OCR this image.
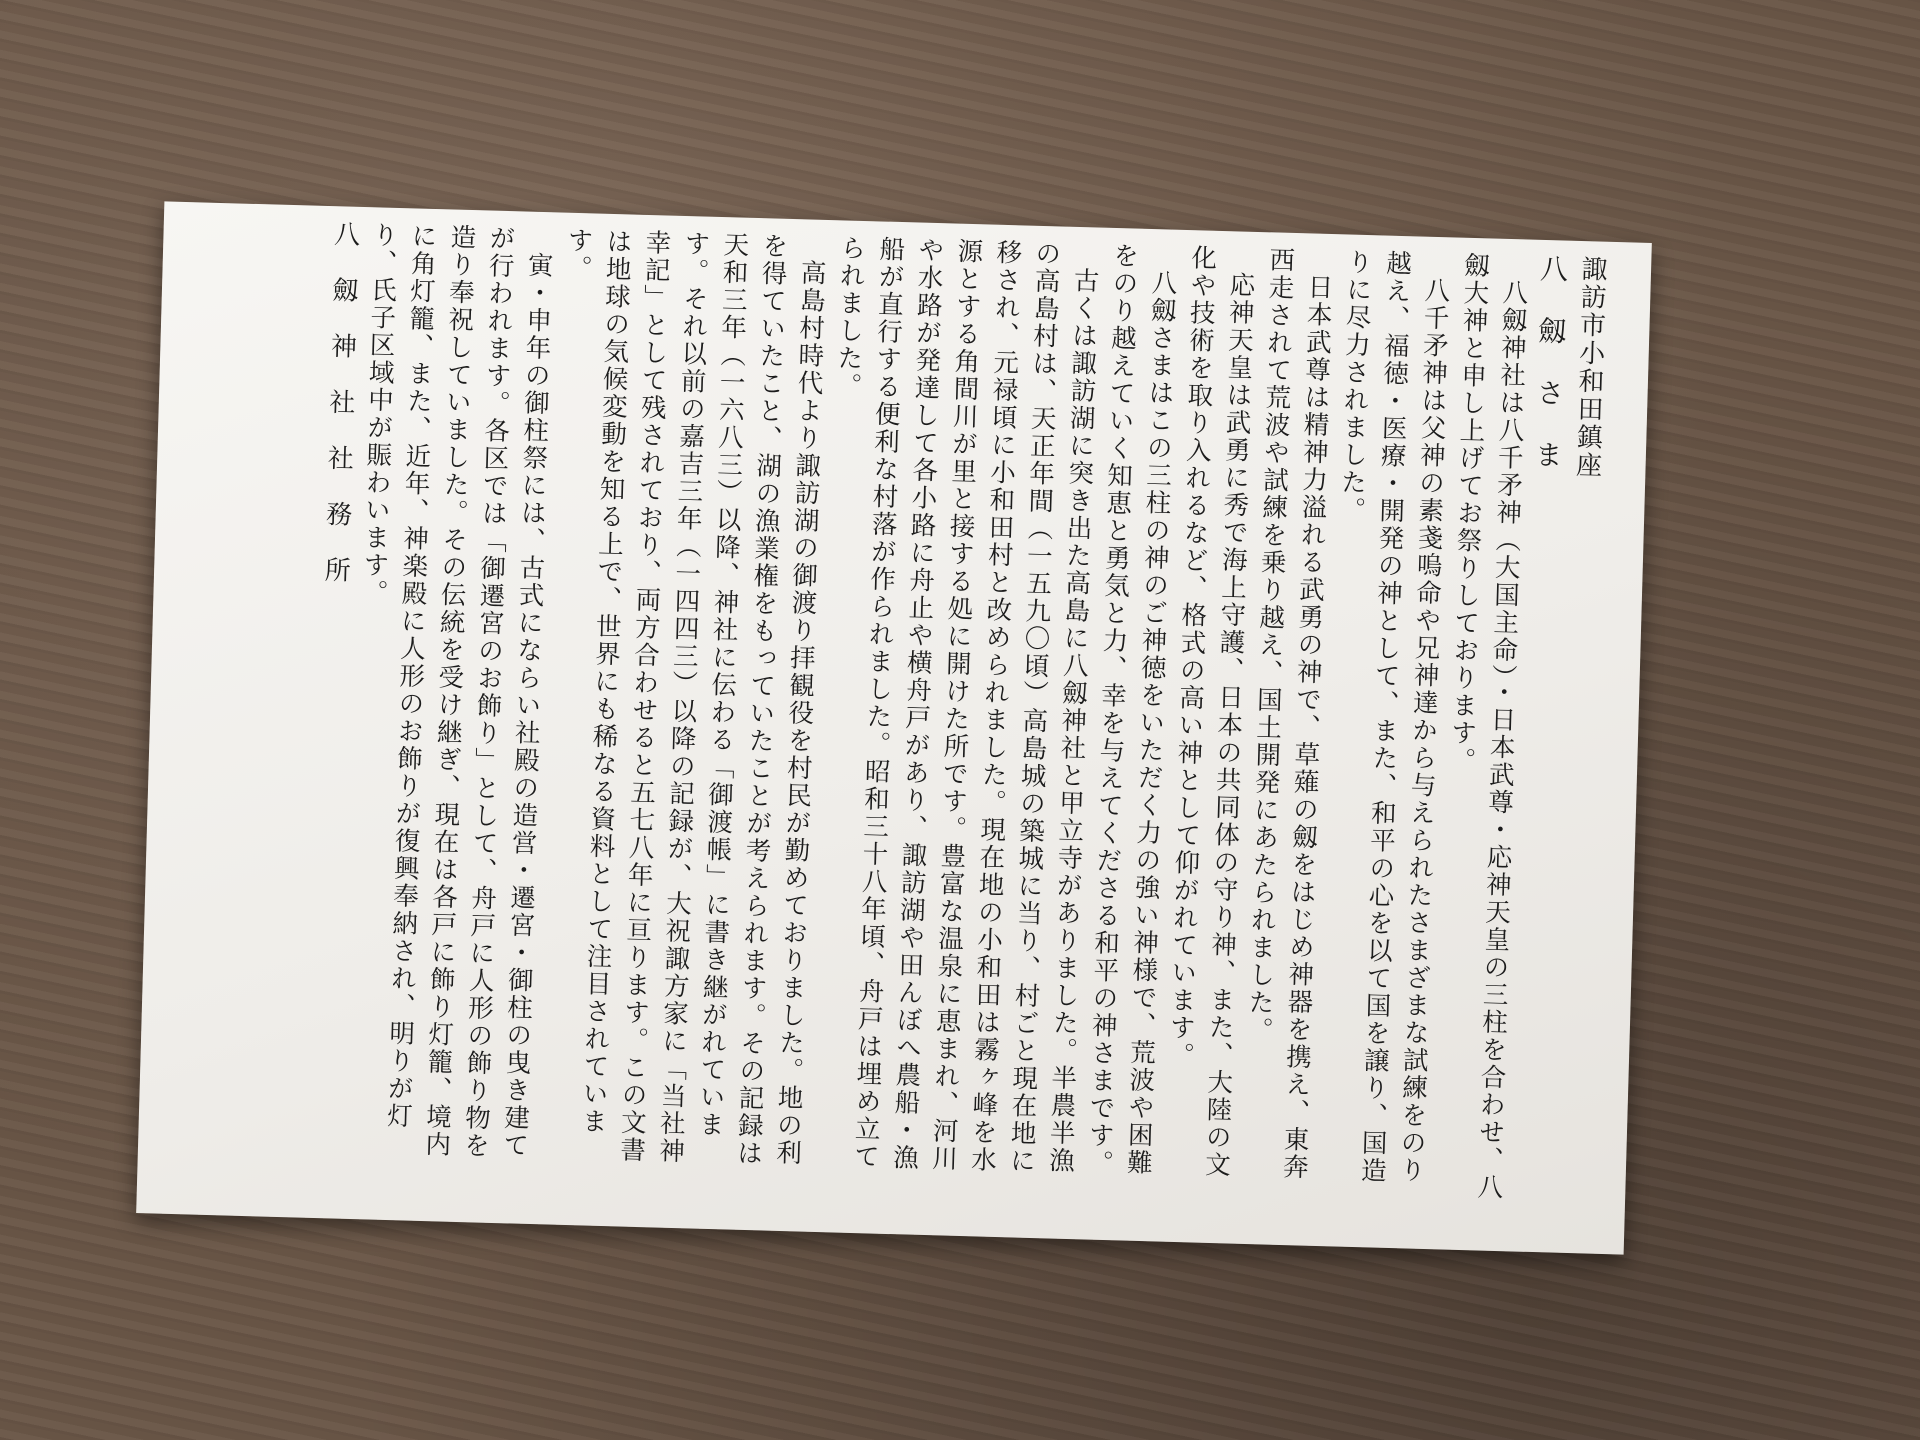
諏訪市小和田鎮座

八劔さま

八劔神社は八千矛神（大国主命）・日本武尊・応神天皇の三柱を合わせ、八劔大神と申し上げてお祭りしております。

八千矛神は父神の素戔嗚命や兄神達から与えられたさまざまな試練をのり越え、福徳・医療・開発の神として、また、和平の心を以て国を譲り、国造りに尽力されました。

日本武尊は精神力溢れる武勇の神で、草薙の劔をはじめ神器を携え、東奔西走されて荒波や試練を乗り越え、国土開発にあたられました。

応神天皇は武勇に秀で海上守護、日本の共同体の守り神、また、大陸の文化や技術を取り入れるなど、格式の高い神として仰がれています。

八劔さまはこの三柱の神のご神徳をいただく力の強い神様で、荒波や困難をのり越えていく知恵と勇気と力、幸を与えてくださる和平の神さまです。

古くは諏訪湖に突き出た高島に八劔神社と甲立寺がありました。半農半漁の高島村は、天正年間（一五九〇頃）高島城の築城に当り、村ごと現在地に移され、元禄頃に小和田村と改められました。現在地の小和田は霧ヶ峰を水源とする角間川が里と接する処に開けた所です。豊富な温泉に恵まれ、河川や水路が発達して各小路に舟止や横舟戸があり、諏訪湖や田んぼへ農船・漁船が直行する便利な村落が作られました。昭和三十八年頃、舟戸は埋め立てられました。

高島村時代より諏訪湖の御渡り拝観役を村民が勤めておりました。地の利を得ていたこと、湖の漁業権をもっていたことが考えられます。その記録は天和三年（一六八三）以降、神社に伝わる「御渡帳」に書き継がれています。それ以前の嘉吉三年（一四四三）以降の記録が、大祝諏方家に「当社神幸記」として残されており、両方合わせると五七八年に亘ります。この文書は地球の気候変動を知る上で、世界にも稀なる資料として注目されています。

寅・申年の御柱祭には、古式にならい社殿の造営・遷宮・御柱の曳き建てが行われます。各区では「御遷宮のお飾り」として、舟戸に人形の飾り物を造り奉祝していました。その伝統を受け継ぎ、現在は各戸に飾り灯籠、境内に角灯籠、また、近年、神楽殿に人形のお飾りが復興奉納され、明りが灯り、氏子区域中が賑わいます。

八劔神社社務所
